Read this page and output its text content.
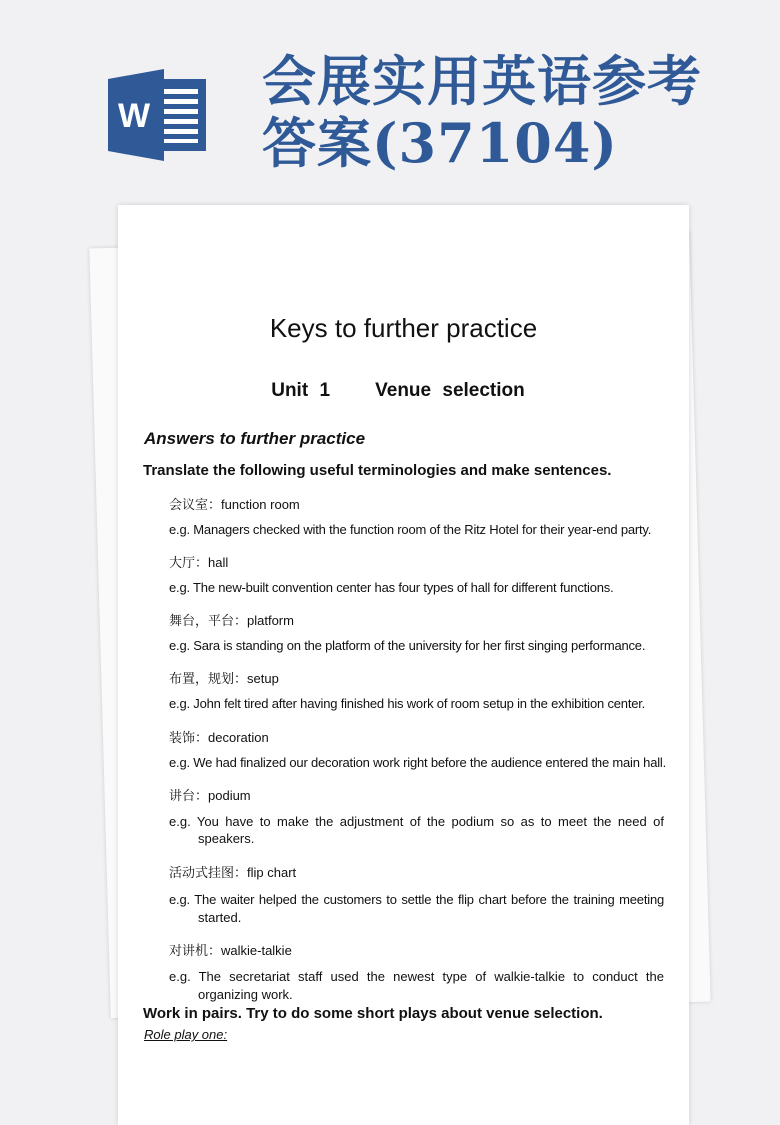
W
会展实用英语参考答案(37104)
Keys to further practice
Unit 1    Venue selection
Answers to further practice
Translate the following useful terminologies and make sentences.
会议室：function room
e.g. Managers checked with the function room of the Ritz Hotel for their year-end party.
大厅：hall
e.g. The new-built convention center has four types of hall for different functions.
舞台，平台：platform
e.g. Sara is standing on the platform of the university for her first singing performance.
布置，规划：setup
e.g. John felt tired after having finished his work of room setup in the exhibition center.
装饰：decoration
e.g. We had finalized our decoration work right before the audience entered the main hall.
讲台：podium
e.g. You have to make the adjustment of the podium so as to meet the need of
speakers.
活动式挂图：flip chart
e.g. The waiter helped the customers to settle the flip chart before the training meeting
started.
对讲机：walkie-talkie
e.g. The secretariat staff used the newest type of walkie-talkie to conduct the
organizing work.
Work in pairs. Try to do some short plays about venue selection.
Role play one:
